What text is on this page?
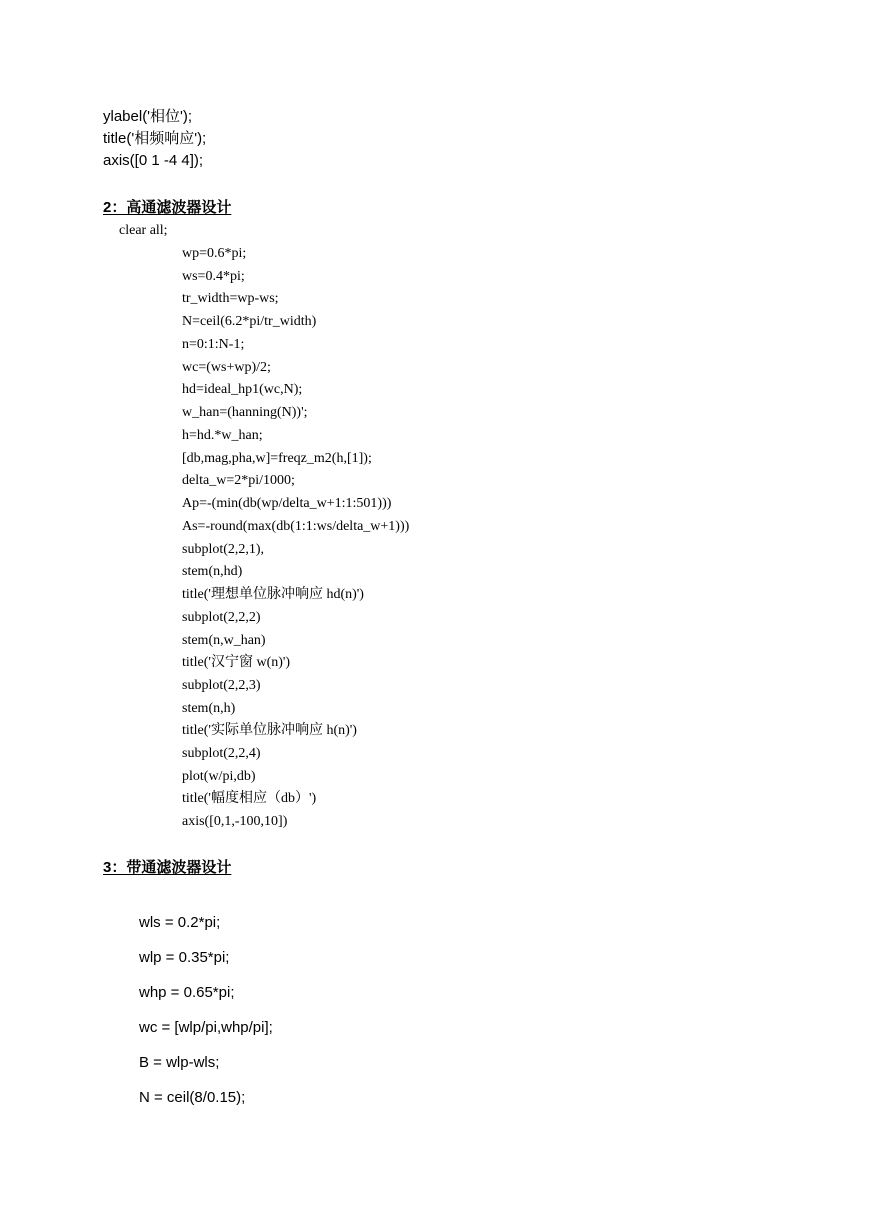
ylabel('相位');
title('相频响应');
axis([0 1 -4 4]);
2：高通滤波器设计
clear all;
wp=0.6*pi;
ws=0.4*pi;
tr_width=wp-ws;
N=ceil(6.2*pi/tr_width)
n=0:1:N-1;
wc=(ws+wp)/2;
hd=ideal_hp1(wc,N);
w_han=(hanning(N))';
h=hd.*w_han;
[db,mag,pha,w]=freqz_m2(h,[1]);
delta_w=2*pi/1000;
Ap=-(min(db(wp/delta_w+1:1:501)))
As=-round(max(db(1:1:ws/delta_w+1)))
subplot(2,2,1),
stem(n,hd)
title('理想单位脉冲响应 hd(n)')
subplot(2,2,2)
stem(n,w_han)
title('汉宁窗 w(n)')
subplot(2,2,3)
stem(n,h)
title('实际单位脉冲响应 h(n)')
subplot(2,2,4)
plot(w/pi,db)
title('幅度相应（db）')
axis([0,1,-100,10])
3：带通滤波器设计
wls = 0.2*pi;
wlp = 0.35*pi;
whp = 0.65*pi;
wc = [wlp/pi,whp/pi];
B = wlp-wls;
N = ceil(8/0.15);
